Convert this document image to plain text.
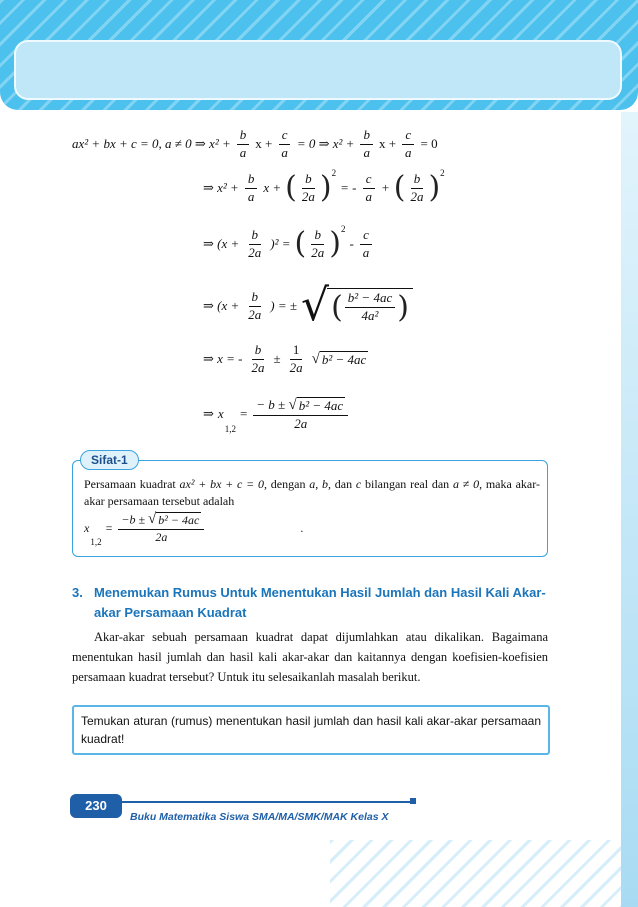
ax² + bx + c = 0, a ≠ 0 ⇒ $x^2 + \frac{b}{a}$ $x + \frac{c}{a} = 0$ ⇒ $x^2 + \frac{b}{a}$ $x + \frac{c}{a} = 0$
⇒ $x^2 + \frac{b}{a}$ x + ( $\frac{b}{2a}$ ) 2
= - $\frac{c}{a}$ + ( $\frac{b}{2a}$ ) 2
⇒ $(x + \frac{b}{2a} )^2$ = ( $\frac{b}{2a}$ ) 2
- $\frac{c}{a}$
⇒ ($x + \frac{b}{2a}$ ) = ± √ ( $\frac{\text{b² − 4ac}}{\text{4a²}}$ )
⇒ x = - $\frac{b}{2a} \pm \frac{1}{2a}$ √ b² − 4ac
⇒ x
1,2
= $\frac{\text{− b ± √ b² − 4ac}}{2a}$
Sifat-1
Persamaan kuadrat ax² + bx + c = 0, dengan a, b, dan c bilangan real dan a ≠ 0, maka akar-akar persamaan tersebut adalah
x
1,2
= $\frac{\text{−b ± √ b² − 4ac}}{2a}$	.
3. Menemukan Rumus Untuk Menentukan Hasil Jumlah dan Hasil Kali Akar-akar Persamaan Kuadrat
Akar-akar sebuah persamaan kuadrat dapat dijumlahkan atau dikalikan. Bagaimana menentukan hasil jumlah dan hasil kali akar-akar dan kaitannya dengan koefisien-koefisien persamaan kuadrat tersebut? Untuk itu selesaikanlah masalah berikut.
Temukan aturan (rumus) menentukan hasil jumlah dan hasil kali akar-akar persamaan kuadrat!
230
Buku Matematika Siswa SMA/MA/SMK/MAK Kelas X
